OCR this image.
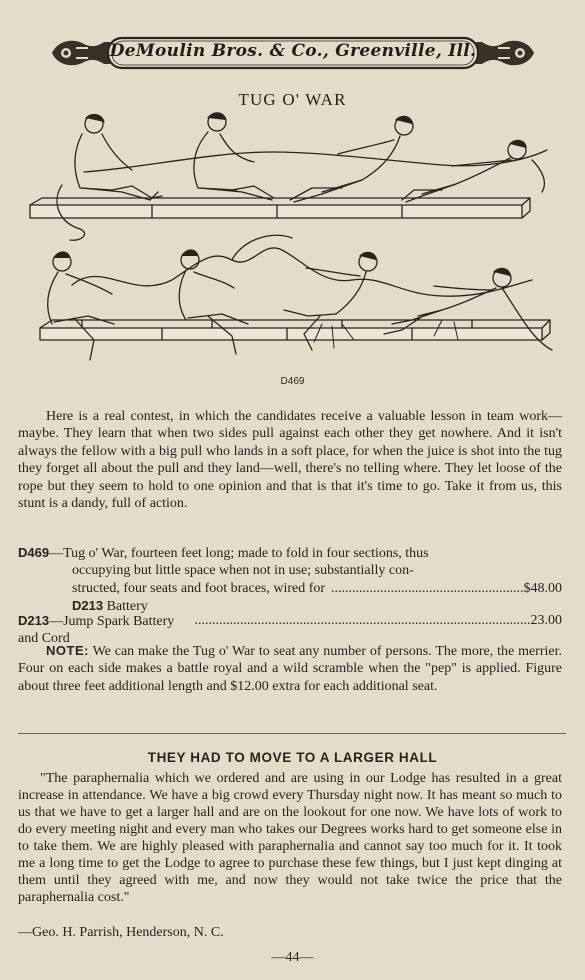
DeMoulin Bros. & Co., Greenville, Ill.
TUG O' WAR
D469

Here is a real contest, in which the candidates receive a valuable lesson in team work—maybe. They learn that when two sides pull against each other they get nowhere. And it isn't always the fellow with a big pull who lands in a soft place, for when the juice is shot into the tug they forget all about the pull and they land—well, there's no telling where. They let loose of the rope but they seem to hold to one opinion and that is that it's time to go. Take it from us, this stunt is a dandy, full of action.

D469—Tug o' War, fourteen feet long; made to fold in four sections, thus
occupying but little space when not in use; substantially con-
structed, four seats and foot braces, wired for D213 Battery
....................................................... $48.00
D213—Jump Spark Battery and Cord
................................................................................................ 23.00

NOTE: We can make the Tug o' War to seat any number of persons. The more, the merrier. Four on each side makes a battle royal and a wild scramble when the "pep" is applied. Figure about three feet additional length and $12.00 extra for each additional seat.

THEY HAD TO MOVE TO A LARGER HALL

"The paraphernalia which we ordered and are using in our Lodge has resulted in a great increase in attendance. We have a big crowd every Thursday night now. It has meant so much to us that we have to get a larger hall and are on the lookout for one now. We have lots of work to do every meeting night and every man who takes our Degrees works hard to get someone else in to take them. We are highly pleased with paraphernalia and cannot say too much for it. It took me a long time to get the Lodge to agree to purchase these few things, but I just kept dinging at them until they agreed with me, and now they would not take twice the price that the paraphernalia cost."

—Geo. H. Parrish, Henderson, N. C.
—44—
